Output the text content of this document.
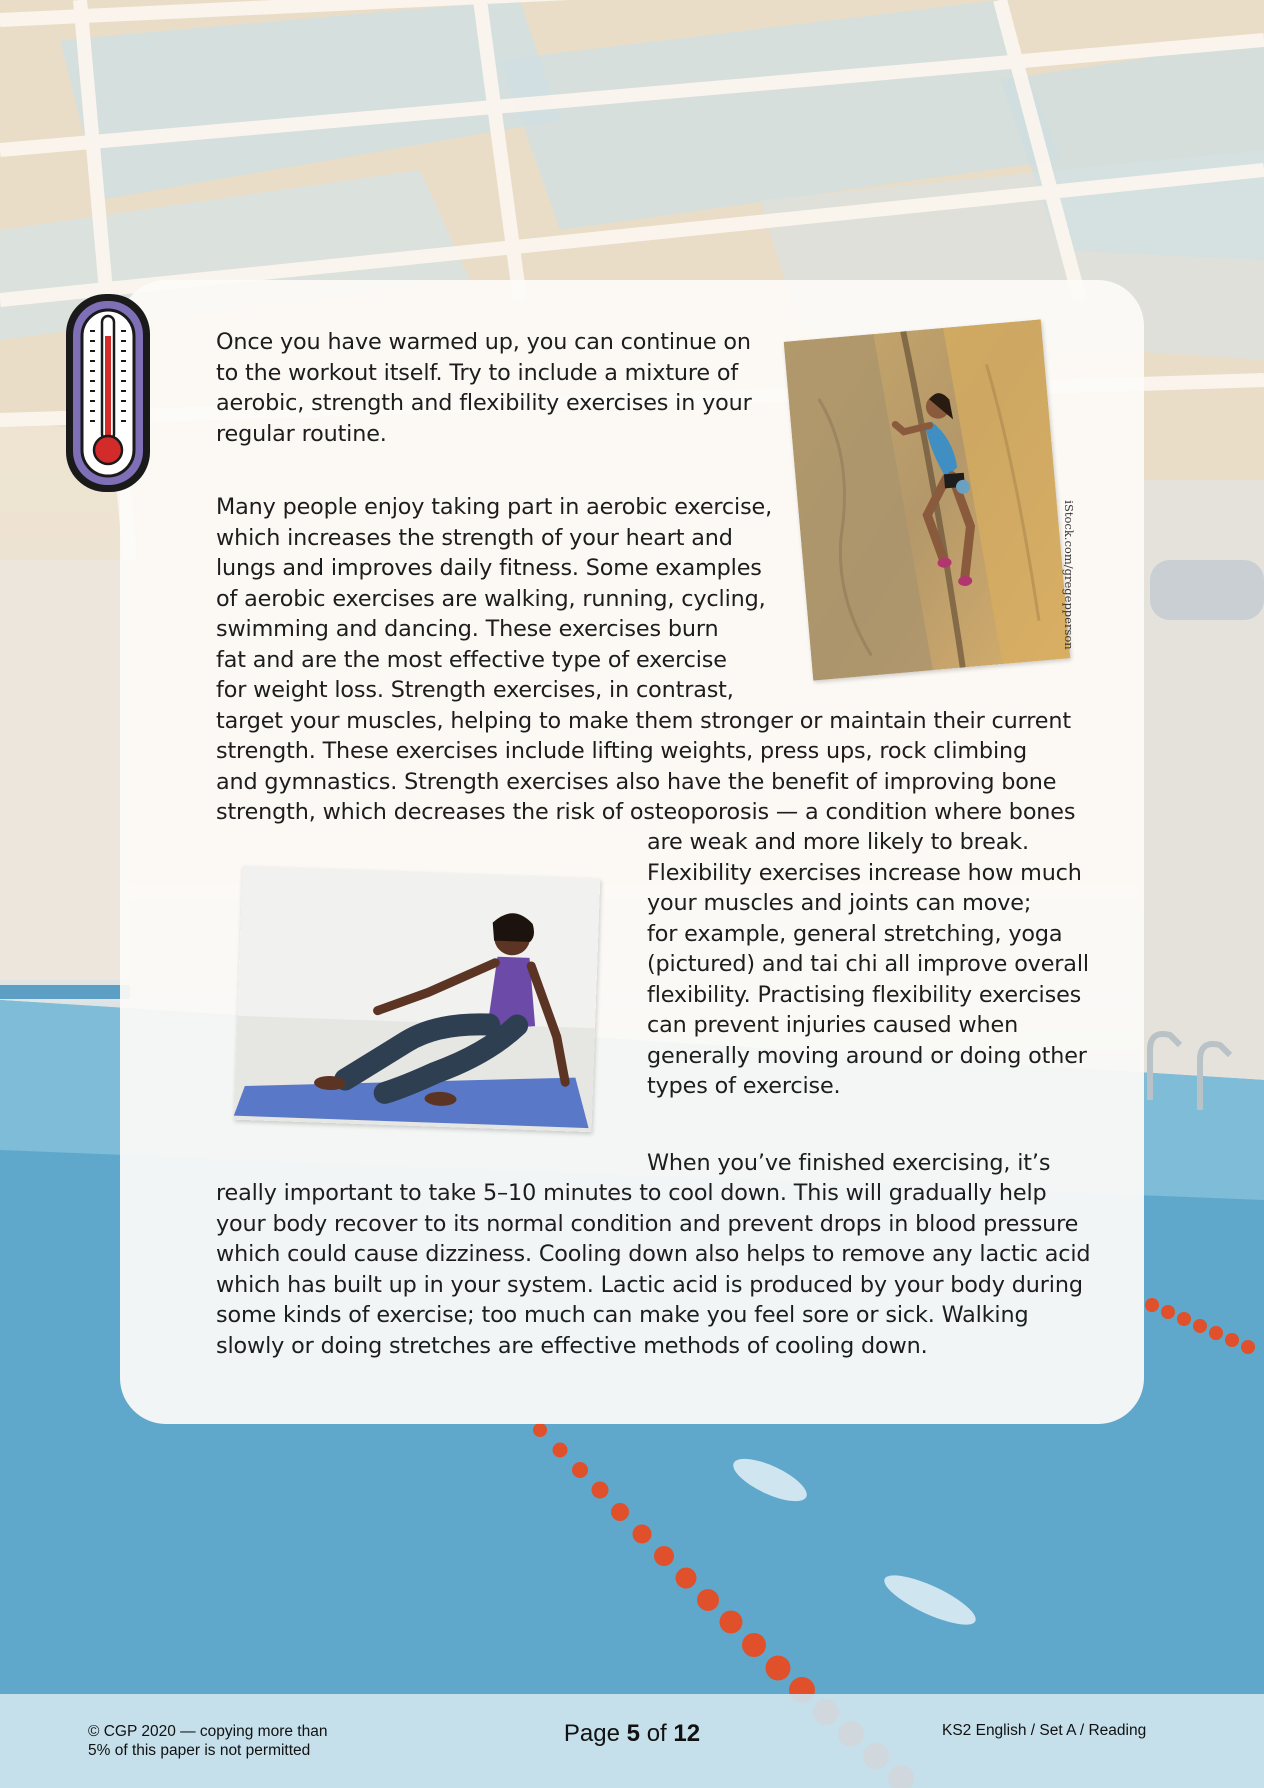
Once you have warmed up, you can continue on
to the workout itself. Try to include a mixture of
aerobic, strength and flexibility exercises in your
regular routine.
Many people enjoy taking part in aerobic exercise,
which increases the strength of your heart and
lungs and improves daily fitness. Some examples
of aerobic exercises are walking, running, cycling,
swimming and dancing. These exercises burn
fat and are the most effective type of exercise
for weight loss. Strength exercises, in contrast,
target your muscles, helping to make them stronger or maintain their current
strength. These exercises include lifting weights, press ups, rock climbing
and gymnastics. Strength exercises also have the benefit of improving bone
strength, which decreases the risk of osteoporosis — a condition where bones
are weak and more likely to break.
Flexibility exercises increase how much
your muscles and joints can move;
for example, general stretching, yoga
(pictured) and tai chi all improve overall
flexibility. Practising flexibility exercises
can prevent injuries caused when
generally moving around or doing other
types of exercise.
When you’ve finished exercising, it’s
really important to take 5–10 minutes to cool down. This will gradually help
your body recover to its normal condition and prevent drops in blood pressure
which could cause dizziness. Cooling down also helps to remove any lactic acid
which has built up in your system. Lactic acid is produced by your body during
some kinds of exercise; too much can make you feel sore or sick. Walking
slowly or doing stretches are effective methods of cooling down.
iStock.com/gregepperson
© CGP 2020 — copying more than
5% of this paper is not permitted
Page 5 of 12	KS2 English / Set A / Reading
